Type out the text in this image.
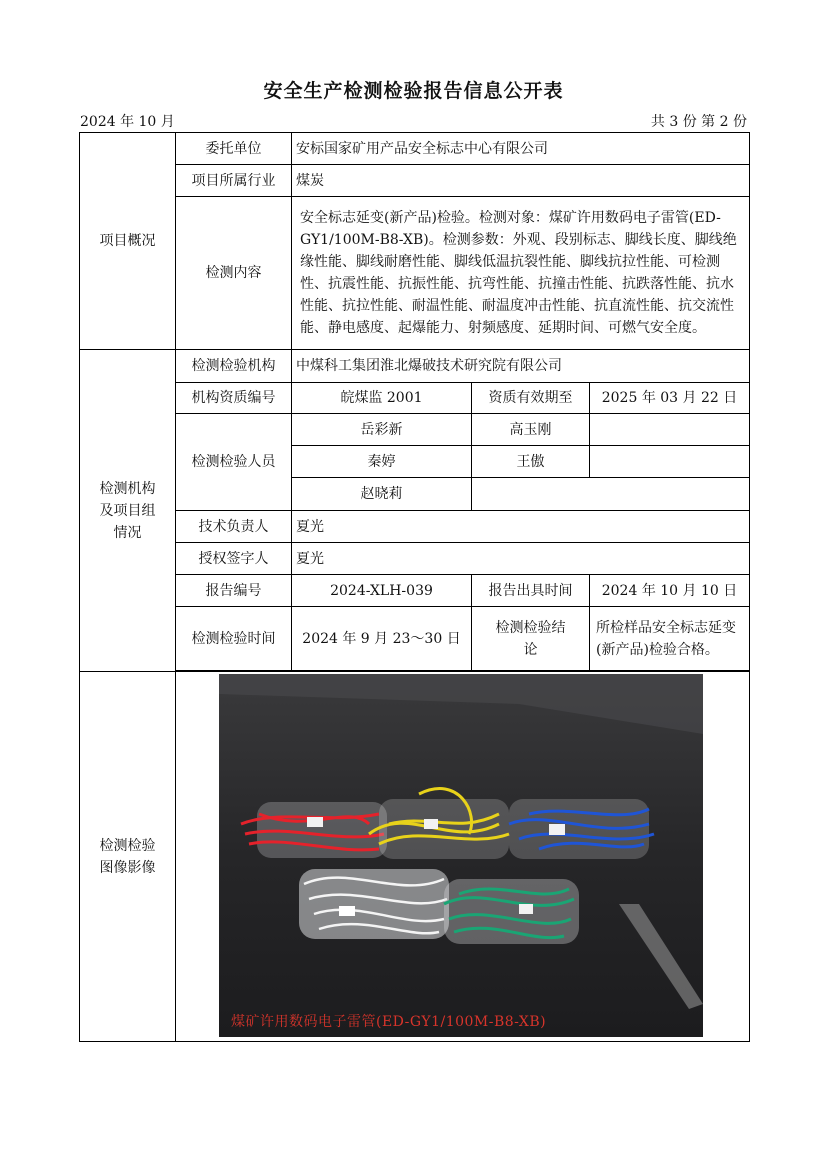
安全生产检测检验报告信息公开表
2024 年 10 月	共 3 份 第 2 份
项目概况	委托单位	安标国家矿用产品安全标志中心有限公司		
	项目所属行业	煤炭		
	检测内容	安全标志延变(新产品)检验。检测对象：煤矿许用数码电子雷管(ED-GY1/100M-B8-XB)。检测参数：外观、段别标志、脚线长度、脚线绝缘性能、脚线耐磨性能、脚线低温抗裂性能、脚线抗拉性能、可检测性、抗震性能、抗振性能、抗弯性能、抗撞击性能、抗跌落性能、抗水性能、抗拉性能、耐温性能、耐温度冲击性能、抗直流性能、抗交流性能、静电感度、起爆能力、射频感度、延期时间、可燃气安全度。		
检测机构及项目组情况	检测检验机构	中煤科工集团淮北爆破技术研究院有限公司		
	机构资质编号	皖煤监 2001	资质有效期至	2025 年 03 月 22 日
	检测检验人员	岳彩新	高玉刚	
		秦婷	王傲	
		赵晓莉		
	技术负责人	夏光		
	授权签字人	夏光		
	报告编号	2024-XLH-039	报告出具时间	2024 年 10 月 10 日
	检测检验时间	2024 年 9 月 23～30 日	检测检验结论	所检样品安全标志延变(新产品)检验合格。

检测检验图像影像	煤矿许用数码电子雷管(ED-GY1/100M-B8-XB)			
